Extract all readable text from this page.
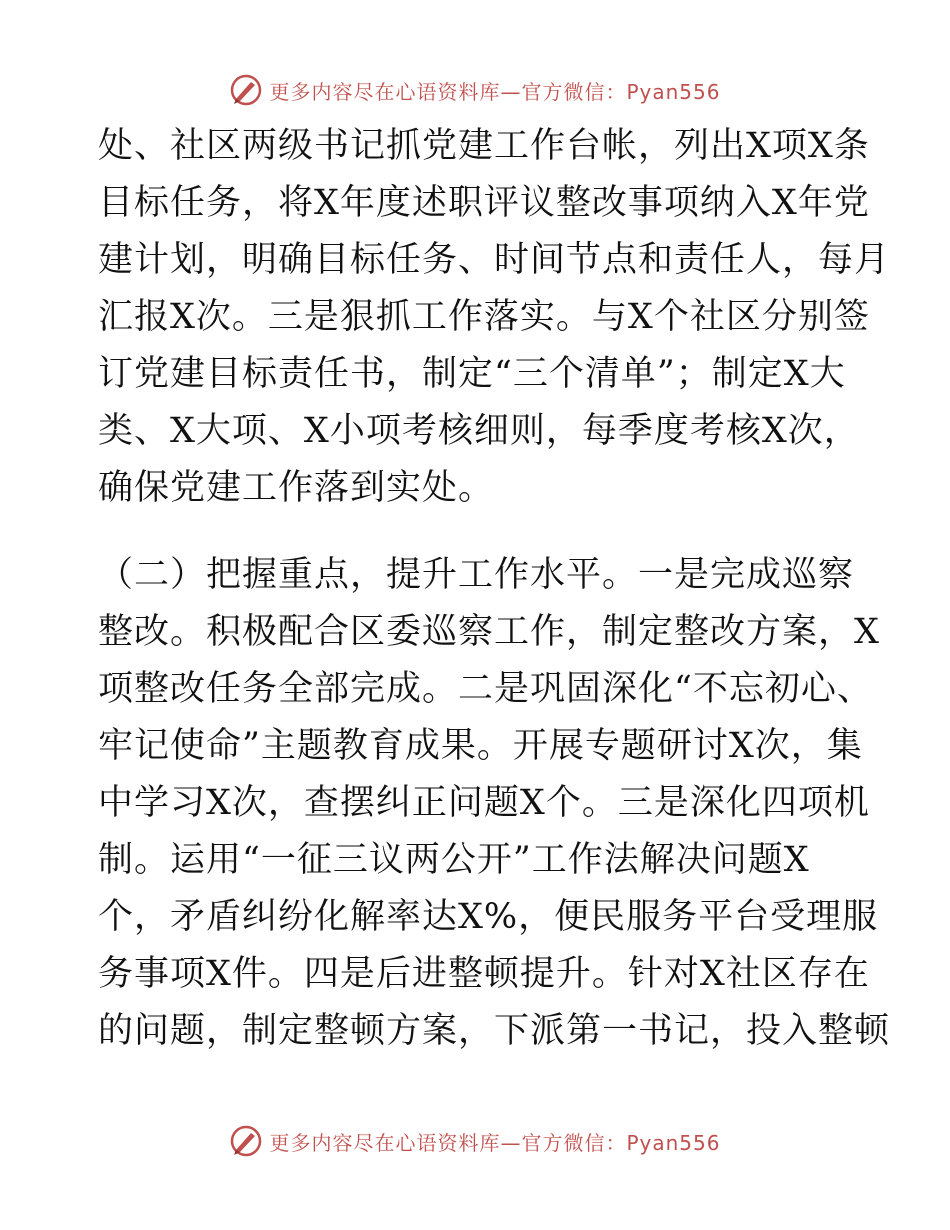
更多内容尽在心语资料库—官方微信：Pyan556
处、社区两级书记抓党建工作台帐，列出X项X条
目标任务，将X年度述职评议整改事项纳入X年党
建计划，明确目标任务、时间节点和责任人，每月
汇报X次。三是狠抓工作落实。与X个社区分别签
订党建目标责任书，制定“三个清单”；制定X大
类、X大项、X小项考核细则，每季度考核X次，
确保党建工作落到实处。
（二）把握重点，提升工作水平。一是完成巡察
整改。积极配合区委巡察工作，制定整改方案，X
项整改任务全部完成。二是巩固深化“不忘初心、
牢记使命”主题教育成果。开展专题研讨X次，集
中学习X次，查摆纠正问题X个。三是深化四项机
制。运用“一征三议两公开”工作法解决问题X
个，矛盾纠纷化解率达X%，便民服务平台受理服
务事项X件。四是后进整顿提升。针对X社区存在
的问题，制定整顿方案，下派第一书记，投入整顿
更多内容尽在心语资料库—官方微信：Pyan556
